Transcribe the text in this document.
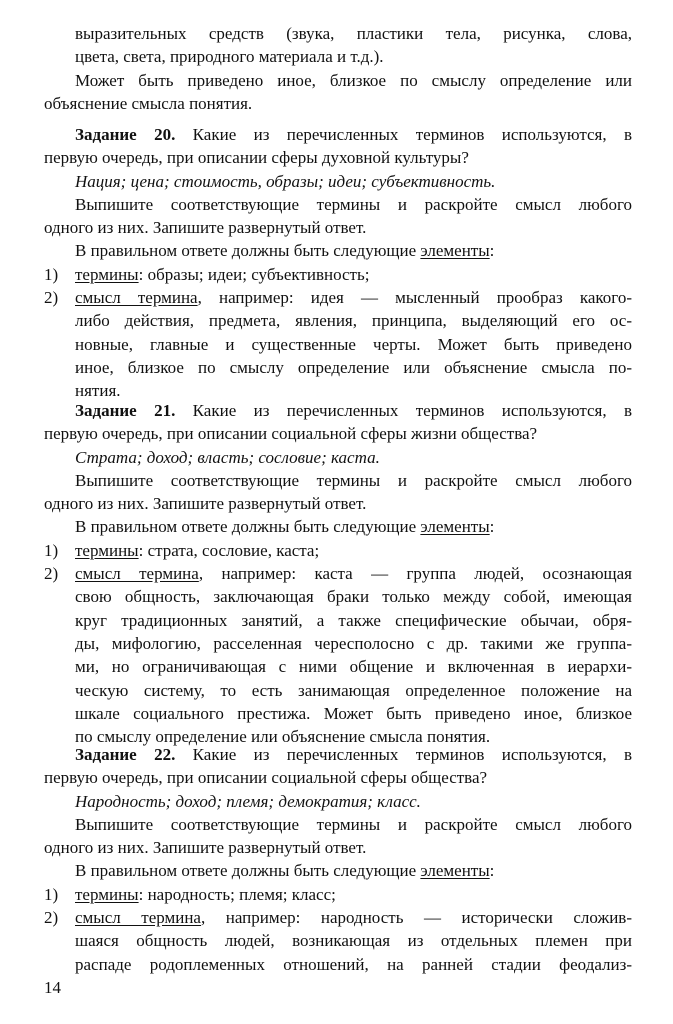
выразительных средств (звука, пластики тела, рисунка, слова,
цвета, света, природного материала и т.д.).
Может быть приведено иное, близкое по смыслу определение или
объяснение смысла понятия.
Задание 20. Какие из перечисленных терминов используются, в
первую очередь, при описании сферы духовной культуры?
Нация; цена; стоимость, образы; идеи; субъективность.
Выпишите соответствующие термины и раскройте смысл любого
одного из них. Запишите развернутый ответ.
В правильном ответе должны быть следующие элементы:
1) термины: образы; идеи; субъективность;
2) смысл термина, например: идея — мысленный прообраз какого-
либо действия, предмета, явления, принципа, выделяющий его ос-
новные, главные и существенные черты. Может быть приведено
иное, близкое по смыслу определение или объяснение смысла по-
нятия.
Задание 21. Какие из перечисленных терминов используются, в
первую очередь, при описании социальной сферы жизни общества?
Страта; доход; власть; сословие; каста.
Выпишите соответствующие термины и раскройте смысл любого
одного из них. Запишите развернутый ответ.
В правильном ответе должны быть следующие элементы:
1) термины: страта, сословие, каста;
2) смысл термина, например: каста — группа людей, осознающая
свою общность, заключающая браки только между собой, имеющая
круг традиционных занятий, а также специфические обычаи, обря-
ды, мифологию, расселенная чересполосно с др. такими же группа-
ми, но ограничивающая с ними общение и включенная в иерархи-
ческую систему, то есть занимающая определенное положение на
шкале социального престижа. Может быть приведено иное, близкое
по смыслу определение или объяснение смысла понятия.
Задание 22. Какие из перечисленных терминов используются, в
первую очередь, при описании социальной сферы общества?
Народность; доход; племя; демократия; класс.
Выпишите соответствующие термины и раскройте смысл любого
одного из них. Запишите развернутый ответ.
В правильном ответе должны быть следующие элементы:
1) термины: народность; племя; класс;
2) смысл термина, например: народность — исторически сложив-
шаяся общность людей, возникающая из отдельных племен при
распаде родоплеменных отношений, на ранней стадии феодализ-
14
